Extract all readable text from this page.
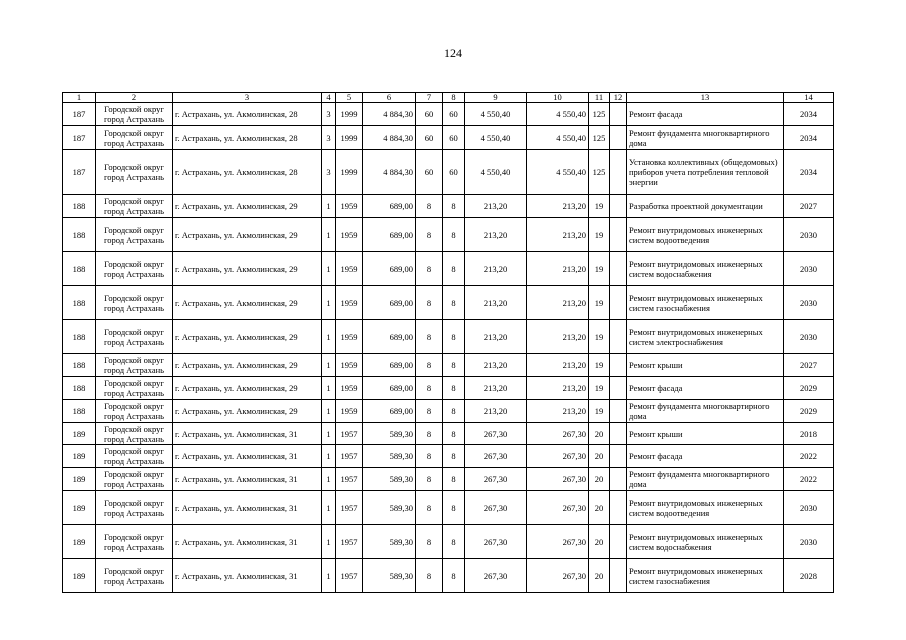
124
1	2	3	4	5	6	7	8	9	10	11	12	13	14
187	Городской округ город Астрахань	г. Астрахань, ул. Акмолинская, 28	3	1999	4 884,30	60	60	4 550,40	4 550,40	125		Ремонт фасада	2034
187	Городской округ город Астрахань	г. Астрахань, ул. Акмолинская, 28	3	1999	4 884,30	60	60	4 550,40	4 550,40	125		Ремонт фундамента многоквартирного дома	2034
187	Городской округ город Астрахань	г. Астрахань, ул. Акмолинская, 28	3	1999	4 884,30	60	60	4 550,40	4 550,40	125		Установка коллективных (общедомовых) приборов учета потребления тепловой энергии	2034
188	Городской округ город Астрахань	г. Астрахань, ул. Акмолинская, 29	1	1959	689,00	8	8	213,20	213,20	19		Разработка проектной документации	2027
188	Городской округ город Астрахань	г. Астрахань, ул. Акмолинская, 29	1	1959	689,00	8	8	213,20	213,20	19		Ремонт внутридомовых инженерных систем водоотведения	2030
188	Городской округ город Астрахань	г. Астрахань, ул. Акмолинская, 29	1	1959	689,00	8	8	213,20	213,20	19		Ремонт внутридомовых инженерных систем водоснабжения	2030
188	Городской округ город Астрахань	г. Астрахань, ул. Акмолинская, 29	1	1959	689,00	8	8	213,20	213,20	19		Ремонт внутридомовых инженерных систем газоснабжения	2030
188	Городской округ город Астрахань	г. Астрахань, ул. Акмолинская, 29	1	1959	689,00	8	8	213,20	213,20	19		Ремонт внутридомовых инженерных систем электроснабжения	2030
188	Городской округ город Астрахань	г. Астрахань, ул. Акмолинская, 29	1	1959	689,00	8	8	213,20	213,20	19		Ремонт крыши	2027
188	Городской округ город Астрахань	г. Астрахань, ул. Акмолинская, 29	1	1959	689,00	8	8	213,20	213,20	19		Ремонт фасада	2029
188	Городской округ город Астрахань	г. Астрахань, ул. Акмолинская, 29	1	1959	689,00	8	8	213,20	213,20	19		Ремонт фундамента многоквартирного дома	2029
189	Городской округ город Астрахань	г. Астрахань, ул. Акмолинская, 31	1	1957	589,30	8	8	267,30	267,30	20		Ремонт крыши	2018
189	Городской округ город Астрахань	г. Астрахань, ул. Акмолинская, 31	1	1957	589,30	8	8	267,30	267,30	20		Ремонт фасада	2022
189	Городской округ город Астрахань	г. Астрахань, ул. Акмолинская, 31	1	1957	589,30	8	8	267,30	267,30	20		Ремонт фундамента многоквартирного дома	2022
189	Городской округ город Астрахань	г. Астрахань, ул. Акмолинская, 31	1	1957	589,30	8	8	267,30	267,30	20		Ремонт внутридомовых инженерных систем водоотведения	2030
189	Городской округ город Астрахань	г. Астрахань, ул. Акмолинская, 31	1	1957	589,30	8	8	267,30	267,30	20		Ремонт внутридомовых инженерных систем водоснабжения	2030
189	Городской округ город Астрахань	г. Астрахань, ул. Акмолинская, 31	1	1957	589,30	8	8	267,30	267,30	20		Ремонт внутридомовых инженерных систем газоснабжения	2028
